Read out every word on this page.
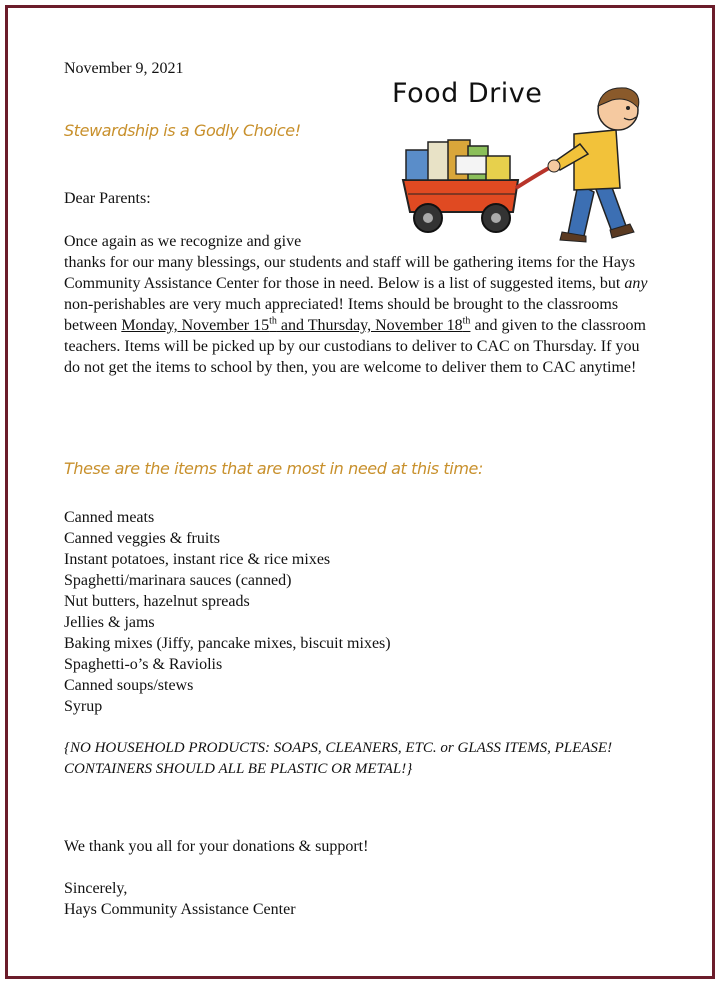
November 9, 2021
Food Drive
Stewardship is a Godly Choice!
Dear Parents:
Once again as we recognize and give
thanks for our many blessings, our students and staff will be gathering items for the Hays Community Assistance Center for those in need. Below is a list of suggested items, but any non-perishables are very much appreciated! Items should be brought to the classrooms between Monday, November 15th and Thursday, November 18th and given to the classroom teachers. Items will be picked up by our custodians to deliver to CAC on Thursday. If you do not get the items to school by then, you are welcome to deliver them to CAC anytime!
These are the items that are most in need at this time:
Canned meats
Canned veggies & fruits
Instant potatoes, instant rice & rice mixes
Spaghetti/marinara sauces (canned)
Nut butters, hazelnut spreads
Jellies & jams
Baking mixes (Jiffy, pancake mixes, biscuit mixes)
Spaghetti-o’s & Raviolis
Canned soups/stews
Syrup
{NO HOUSEHOLD PRODUCTS: SOAPS, CLEANERS, ETC. or GLASS ITEMS, PLEASE! CONTAINERS SHOULD ALL BE PLASTIC OR METAL!}
We thank you all for your donations & support!
Sincerely,
Hays Community Assistance Center
